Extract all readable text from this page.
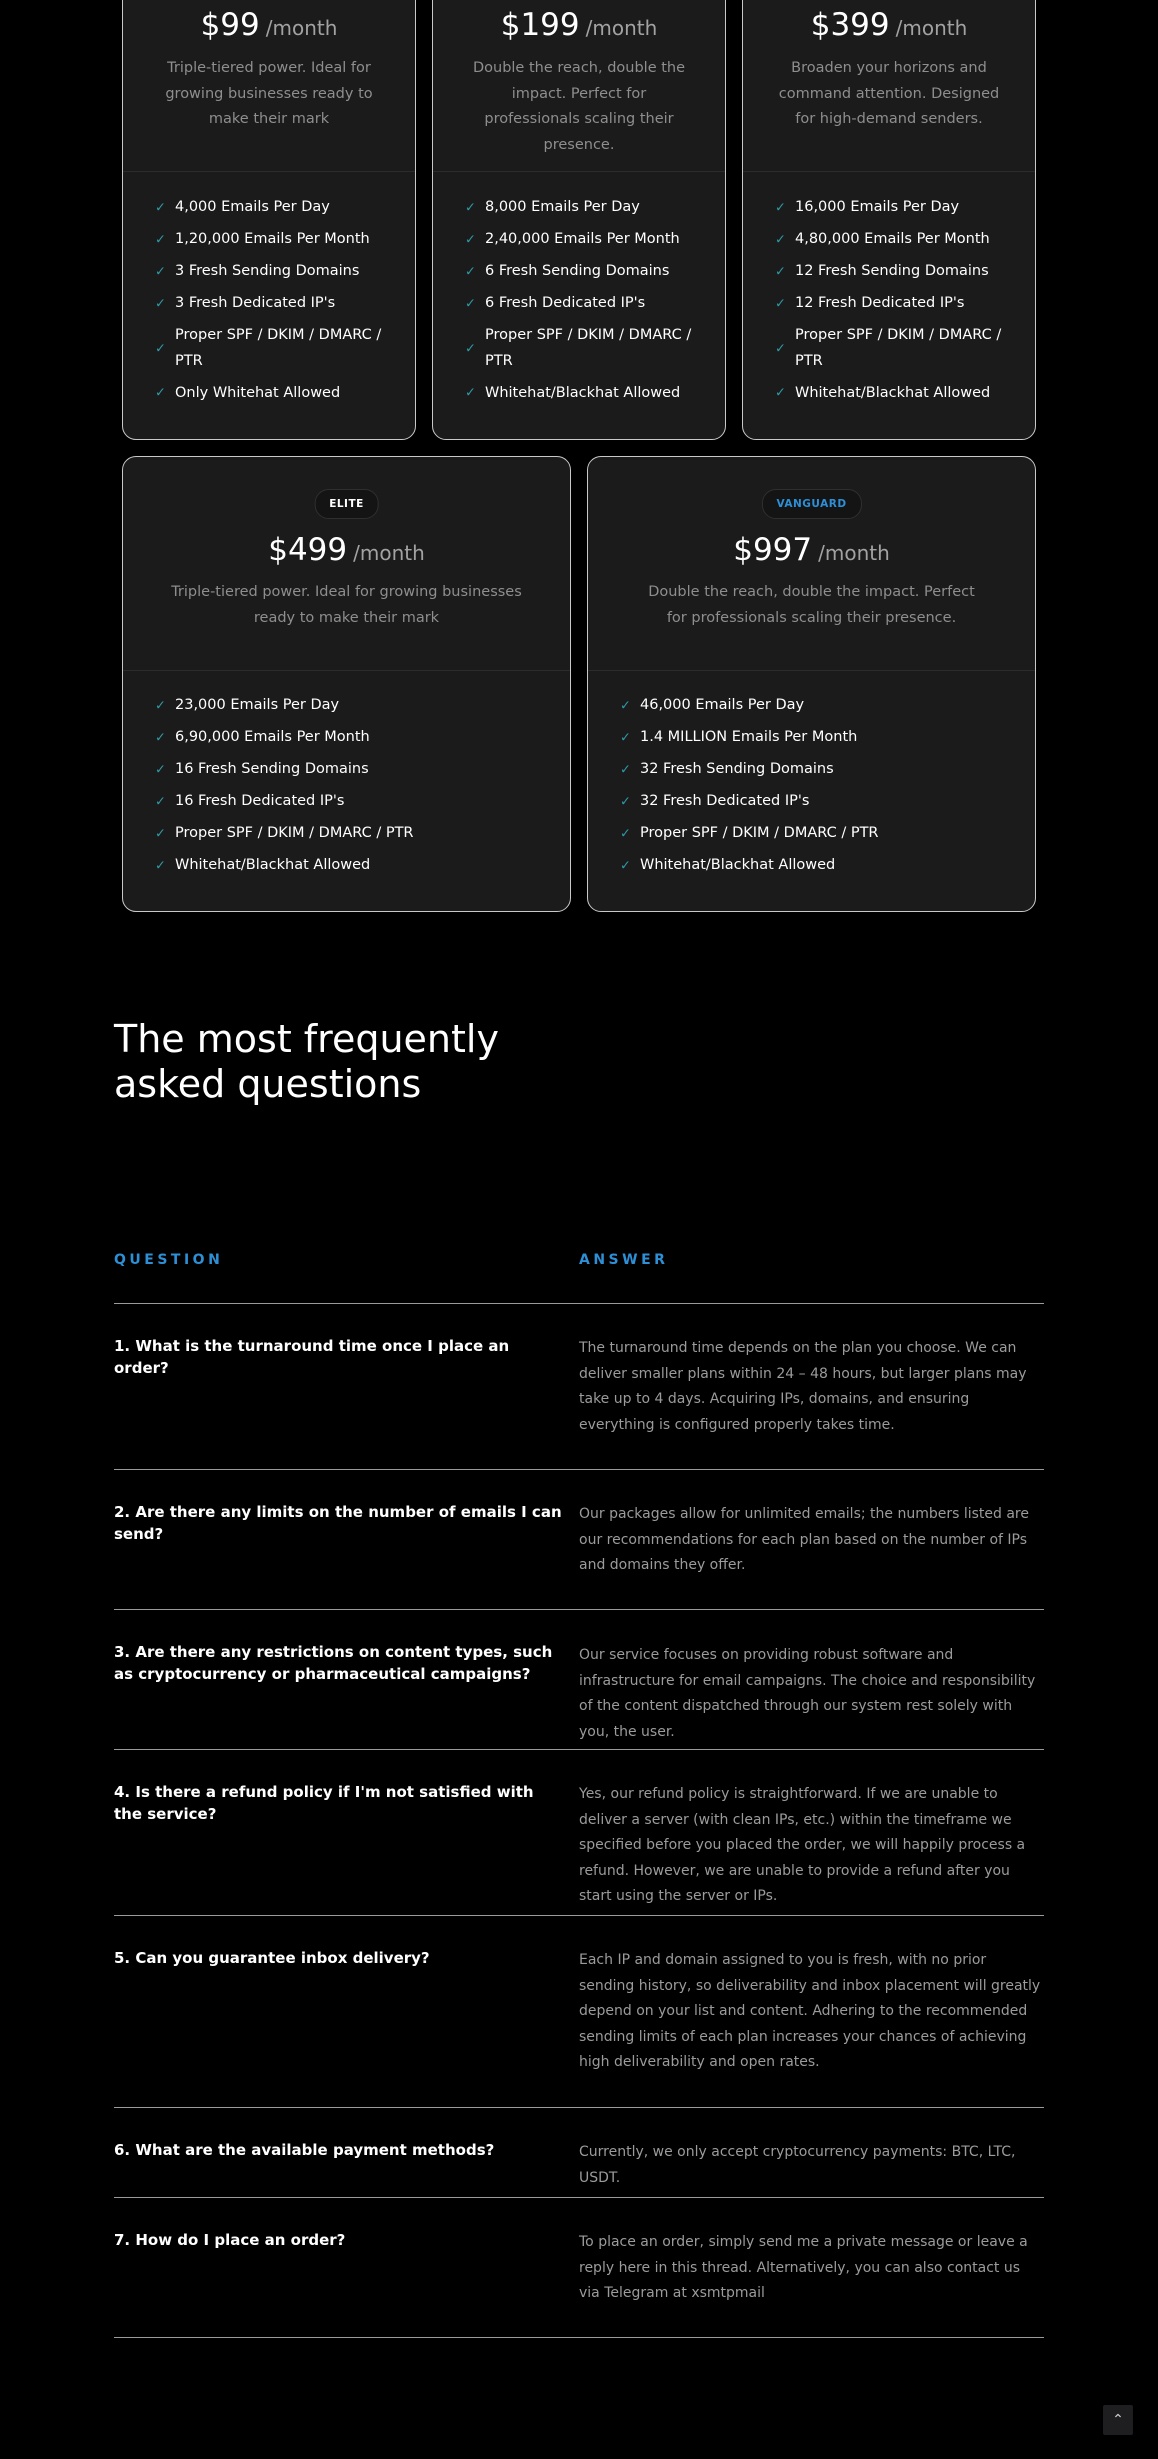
$99 /month
Triple-tiered power. Ideal for growing businesses ready to make their mark
✓ 4,000 Emails Per Day
✓ 1,20,000 Emails Per Month
✓ 3 Fresh Sending Domains
✓ 3 Fresh Dedicated IP's
✓
Proper SPF / DKIM / DMARC / PTR
✓ Only Whitehat Allowed
$199 /month
Double the reach, double the impact. Perfect for professionals scaling their presence.
✓ 8,000 Emails Per Day
✓ 2,40,000 Emails Per Month
✓ 6 Fresh Sending Domains
✓ 6 Fresh Dedicated IP's
✓
Proper SPF / DKIM / DMARC / PTR
✓ Whitehat/Blackhat Allowed
$399 /month
Broaden your horizons and command attention. Designed for high-demand senders.
✓ 16,000 Emails Per Day
✓ 4,80,000 Emails Per Month
✓ 12 Fresh Sending Domains
✓ 12 Fresh Dedicated IP's
✓
Proper SPF / DKIM / DMARC / PTR
✓ Whitehat/Blackhat Allowed
ELITE
$499 /month
Triple-tiered power. Ideal for growing businesses ready to make their mark
✓ 23,000 Emails Per Day
✓ 6,90,000 Emails Per Month
✓ 16 Fresh Sending Domains
✓ 16 Fresh Dedicated IP's
✓ Proper SPF / DKIM / DMARC / PTR
✓ Whitehat/Blackhat Allowed
VANGUARD
$997 /month
Double the reach, double the impact. Perfect for professionals scaling their presence.
✓ 46,000 Emails Per Day
✓ 1.4 MILLION Emails Per Month
✓ 32 Fresh Sending Domains
✓ 32 Fresh Dedicated IP's
✓ Proper SPF / DKIM / DMARC / PTR
✓ Whitehat/Blackhat Allowed
The most frequently asked questions
QUESTION	ANSWER
1. What is the turnaround time once I place an order?
The turnaround time depends on the plan you choose. We can deliver smaller plans within 24 – 48 hours, but larger plans may take up to 4 days. Acquiring IPs, domains, and ensuring everything is configured properly takes time.
2. Are there any limits on the number of emails I can send?
Our packages allow for unlimited emails; the numbers listed are our recommendations for each plan based on the number of IPs and domains they offer.
3. Are there any restrictions on content types, such as cryptocurrency or pharmaceutical campaigns?
Our service focuses on providing robust software and infrastructure for email campaigns. The choice and responsibility of the content dispatched through our system rest solely with you, the user.
4. Is there a refund policy if I'm not satisfied with the service?
Yes, our refund policy is straightforward. If we are unable to deliver a server (with clean IPs, etc.) within the timeframe we specified before you placed the order, we will happily process a refund. However, we are unable to provide a refund after you start using the server or IPs.
5. Can you guarantee inbox delivery?	Each IP and domain assigned to you is fresh, with no prior sending history, so deliverability and inbox placement will greatly depend on your list and content. Adhering to the recommended sending limits of each plan increases your chances of achieving high deliverability and open rates.
6. What are the available payment methods?	Currently, we only accept cryptocurrency payments: BTC, LTC, USDT.
7. How do I place an order?	To place an order, simply send me a private message or leave a reply here in this thread. Alternatively, you can also contact us via Telegram at xsmtpmail
⌃
